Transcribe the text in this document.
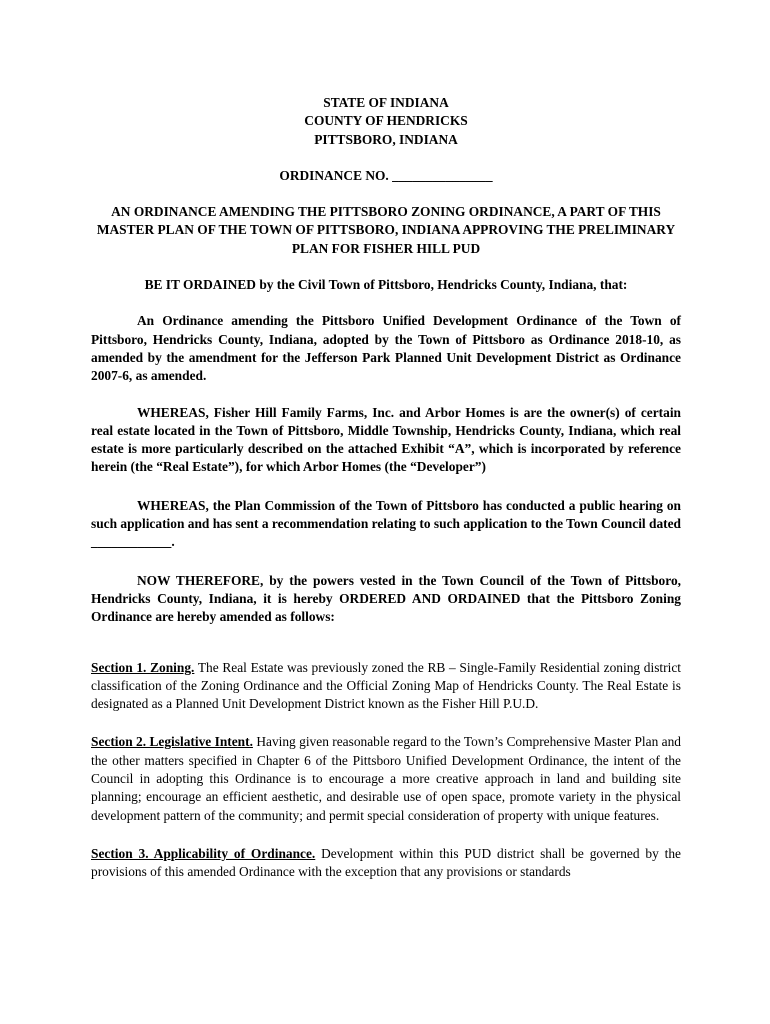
STATE OF INDIANA
COUNTY OF HENDRICKS
PITTSBORO, INDIANA

ORDINANCE NO. _______________

AN ORDINANCE AMENDING THE PITTSBORO ZONING ORDINANCE, A PART OF THIS MASTER PLAN OF THE TOWN OF PITTSBORO, INDIANA APPROVING THE PRELIMINARY PLAN FOR FISHER HILL PUD

BE IT ORDAINED by the Civil Town of Pittsboro, Hendricks County, Indiana, that:

An Ordinance amending the Pittsboro Unified Development Ordinance of the Town of Pittsboro, Hendricks County, Indiana, adopted by the Town of Pittsboro as Ordinance 2018-10, as amended by the amendment for the Jefferson Park Planned Unit Development District as Ordinance 2007-6, as amended.

WHEREAS, Fisher Hill Family Farms, Inc. and Arbor Homes is are the owner(s) of certain real estate located in the Town of Pittsboro, Middle Township, Hendricks County, Indiana, which real estate is more particularly described on the attached Exhibit “A”, which is incorporated by reference herein (the “Real Estate”), for which Arbor Homes (the “Developer”)

WHEREAS, the Plan Commission of the Town of Pittsboro has conducted a public hearing on such application and has sent a recommendation relating to such application to the Town Council dated ____________.

NOW THEREFORE, by the powers vested in the Town Council of the Town of Pittsboro, Hendricks County, Indiana, it is hereby ORDERED AND ORDAINED that the Pittsboro Zoning Ordinance are hereby amended as follows:

Section 1. Zoning. The Real Estate was previously zoned the RB – Single-Family Residential zoning district classification of the Zoning Ordinance and the Official Zoning Map of Hendricks County. The Real Estate is designated as a Planned Unit Development District known as the Fisher Hill P.U.D.

Section 2. Legislative Intent. Having given reasonable regard to the Town’s Comprehensive Master Plan and the other matters specified in Chapter 6 of the Pittsboro Unified Development Ordinance, the intent of the Council in adopting this Ordinance is to encourage a more creative approach in land and building site planning; encourage an efficient aesthetic, and desirable use of open space, promote variety in the physical development pattern of the community; and permit special consideration of property with unique features.

Section 3. Applicability of Ordinance. Development within this PUD district shall be governed by the provisions of this amended Ordinance with the exception that any provisions or standards
